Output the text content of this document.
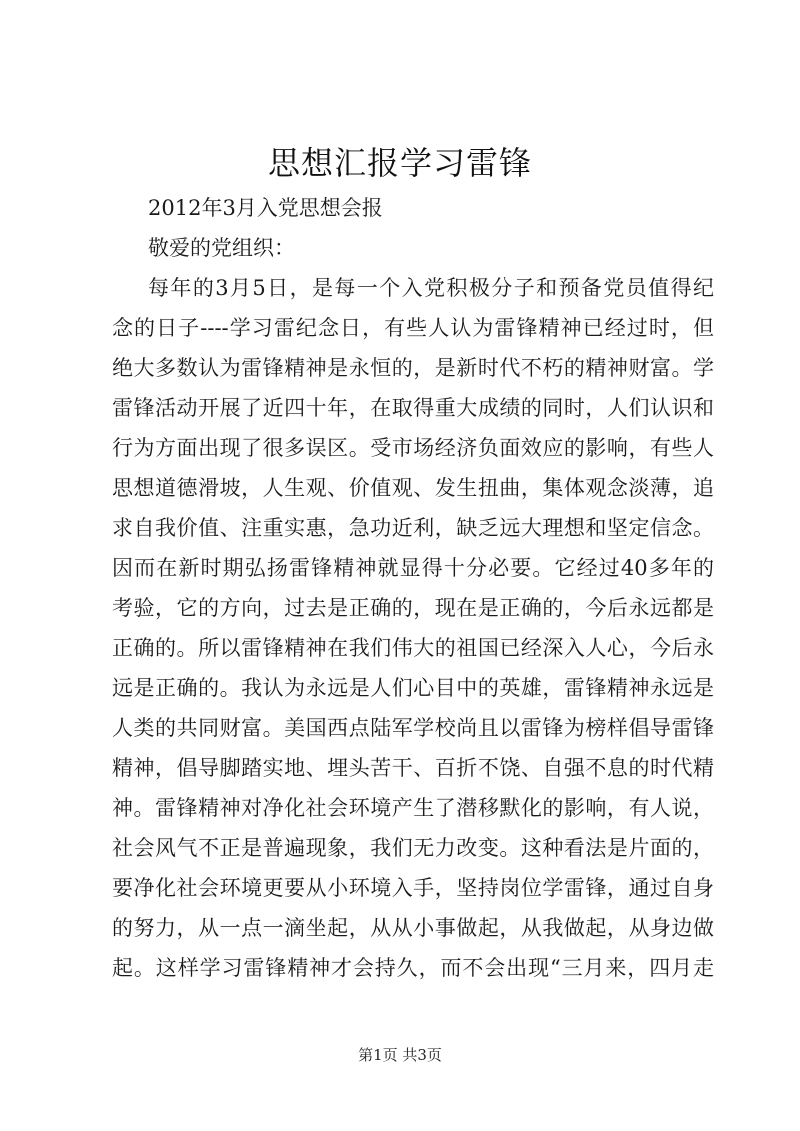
思想汇报学习雷锋
2012年3月入党思想会报
敬爱的党组织：
每年的3月5日，是每一个入党积极分子和预备党员值得纪
念的日子----学习雷纪念日，有些人认为雷锋精神已经过时，但
绝大多数认为雷锋精神是永恒的，是新时代不朽的精神财富。学
雷锋活动开展了近四十年，在取得重大成绩的同时，人们认识和
行为方面出现了很多误区。受市场经济负面效应的影响，有些人
思想道德滑坡，人生观、价值观、发生扭曲，集体观念淡薄，追
求自我价值、注重实惠，急功近利，缺乏远大理想和坚定信念。
因而在新时期弘扬雷锋精神就显得十分必要。它经过40多年的
考验，它的方向，过去是正确的，现在是正确的，今后永远都是
正确的。所以雷锋精神在我们伟大的祖国已经深入人心，今后永
远是正确的。我认为永远是人们心目中的英雄，雷锋精神永远是
人类的共同财富。美国西点陆军学校尚且以雷锋为榜样倡导雷锋
精神，倡导脚踏实地、埋头苦干、百折不饶、自强不息的时代精
神。雷锋精神对净化社会环境产生了潜移默化的影响，有人说，
社会风气不正是普遍现象，我们无力改变。这种看法是片面的，
要净化社会环境更要从小环境入手，坚持岗位学雷锋，通过自身
的努力，从一点一滴坐起，从从小事做起，从我做起，从身边做
起。这样学习雷锋精神才会持久，而不会出现“三月来，四月走
第1页 共3页
